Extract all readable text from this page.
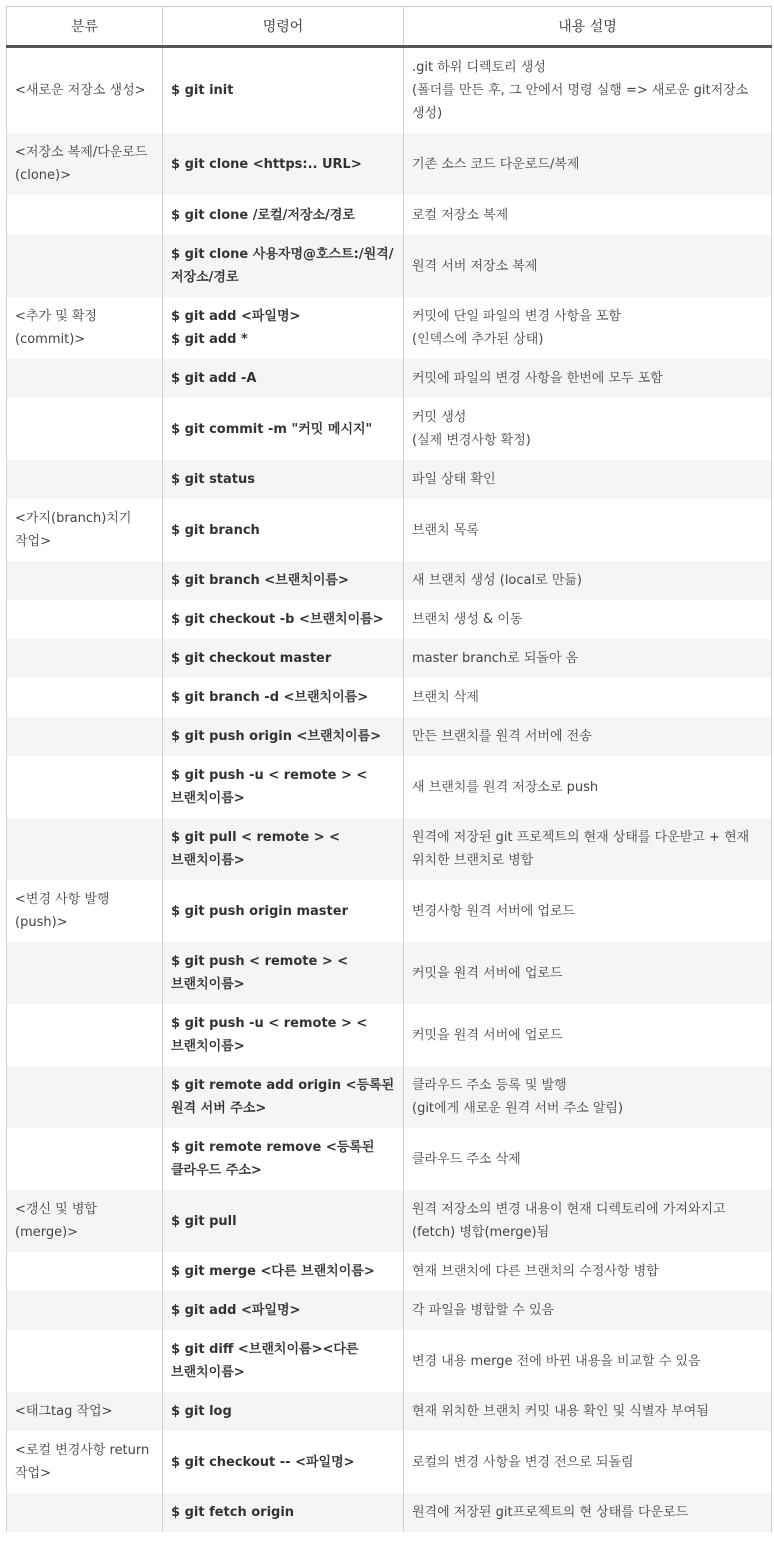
분류	명령어	내용 설명
<새로운 저장소 생성>	$ git init	.git 하위 디렉토리 생성
(폴더를 만든 후, 그 안에서 명령 실행 => 새로운 git저장소 생성)

<저장소 복제/다운로드(clone)>	$ git clone <https:.. URL>	기존 소스 코드 다운로드/복제

	$ git clone /로컬/저장소/경로	로컬 저장소 복제

	$ git clone 사용자명@호스트:/원격/저장소/경로	원격 서버 저장소 복제

<추가 및 확정(commit)>	$ git add <파일명>
$ git add *	커밋에 단일 파일의 변경 사항을 포함
(인덱스에 추가된 상태)

	$ git add -A	커밋에 파일의 변경 사항을 한번에 모두 포함

	$ git commit -m "커밋 메시지"	커밋 생성
(실제 변경사항 확정)

	$ git status	파일 상태 확인

<가지(branch)치기 작업>	$ git branch	브랜치 목록

	$ git branch <브랜치이름>	새 브랜치 생성 (local로 만듦)

	$ git checkout -b <브랜치이름>	브랜치 생성 & 이동

	$ git checkout master	master branch로 되돌아 옴

	$ git branch -d <브랜치이름>	브랜치 삭제

	$ git push origin <브랜치이름>	만든 브랜치를 원격 서버에 전송

	$ git push -u < remote > <브랜치이름>	새 브랜치를 원격 저장소로 push

	$ git pull < remote > <브랜치이름>	원격에 저장된 git 프로젝트의 현재 상태를 다운받고 + 현재 위치한 브랜치로 병합

<변경 사항 발행(push)>	$ git push origin master	변경사항 원격 서버에 업로드

	$ git push < remote > <브랜치이름>	커밋을 원격 서버에 업로드

	$ git push -u < remote > <브랜치이름>	커밋을 원격 서버에 업로드

	$ git remote add origin <등록된 원격 서버 주소>	클라우드 주소 등록 및 발행
(git에게 새로운 원격 서버 주소 알림)

	$ git remote remove <등록된 클라우드 주소>	클라우드 주소 삭제

<갱신 및 병합(merge)>	$ git pull	원격 저장소의 변경 내용이 현재 디렉토리에 가져와지고(fetch) 병합(merge)됨

	$ git merge <다른 브랜치이름>	현재 브랜치에 다른 브랜치의 수정사항 병합

	$ git add <파일명>	각 파일을 병합할 수 있음

	$ git diff <브랜치이름><다른 브랜치이름>	변경 내용 merge 전에 바뀐 내용을 비교할 수 있음

<태그tag 작업>	$ git log	현재 위치한 브랜치 커밋 내용 확인 및 식별자 부여됨

<로컬 변경사항 return 작업>	$ git checkout -- <파일명>	로컬의 변경 사항을 변경 전으로 되돌림

	$ git fetch origin	원격에 저장된 git프로젝트의 현 상태를 다운로드
